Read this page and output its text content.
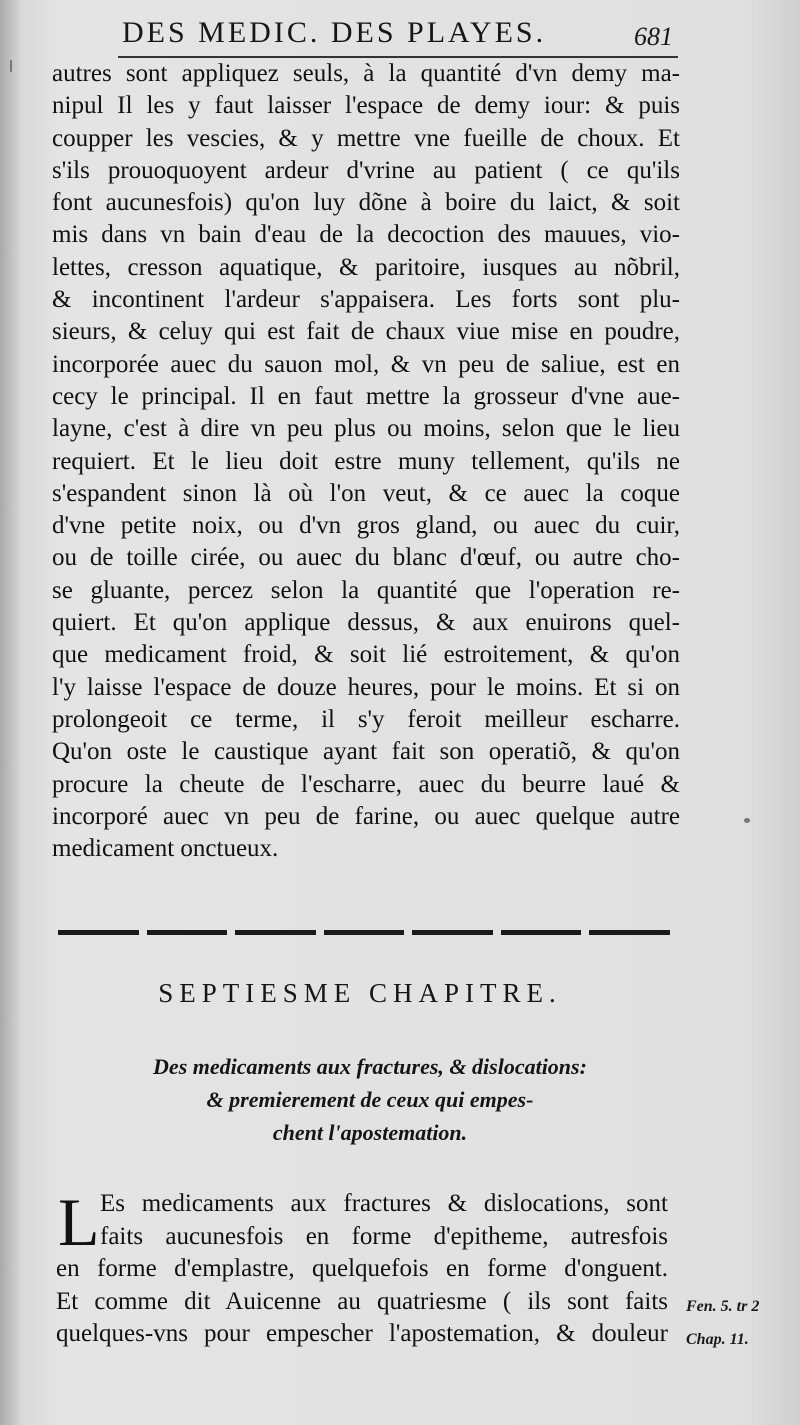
DES MEDIC. DES PLAYES.	681
autres sont appliquez seuls, à la quantité d'vn demy ma-
nipul Il les y faut laisser l'espace de demy iour: & puis
coupper les vescies, & y mettre vne fueille de choux. Et
s'ils prouoquoyent ardeur d'vrine au patient ( ce qu'ils
font aucunesfois) qu'on luy dõne à boire du laict, & soit
mis dans vn bain d'eau de la decoction des mauues, vio-
lettes, cresson aquatique, & paritoire, iusques au nõbril,
& incontinent l'ardeur s'appaisera. Les forts sont plu-
sieurs, & celuy qui est fait de chaux viue mise en poudre,
incorporée auec du sauon mol, & vn peu de saliue, est en
cecy le principal. Il en faut mettre la grosseur d'vne aue-
layne, c'est à dire vn peu plus ou moins, selon que le lieu
requiert. Et le lieu doit estre muny tellement, qu'ils ne
s'espandent sinon là où l'on veut, & ce auec la coque
d'vne petite noix, ou d'vn gros gland, ou auec du cuir,
ou de toille cirée, ou auec du blanc d'œuf, ou autre cho-
se gluante, percez selon la quantité que l'operation re-
quiert. Et qu'on applique dessus, & aux enuirons quel-
que medicament froid, & soit lié estroitement, & qu'on
l'y laisse l'espace de douze heures, pour le moins. Et si on
prolongeoit ce terme, il s'y feroit meilleur escharre.
Qu'on oste le caustique ayant fait son operatiõ, & qu'on
procure la cheute de l'escharre, auec du beurre laué &
incorporé auec vn peu de farine, ou auec quelque autre
medicament onctueux.
SEPTIESME CHAPITRE.
Des medicaments aux fractures, & dislocations:
& premierement de ceux qui empes-
chent l'apostemation.
L Es medicaments aux fractures & dislocations, sont
faits aucunesfois en forme d'epitheme, autresfois
en forme d'emplastre, quelquefois en forme d'onguent.
Et comme dit Auicenne au quatriesme ( ils sont faits
quelques-vns pour empescher l'apostemation, & douleur
Fen. 5. tr 2
Chap. 11.
